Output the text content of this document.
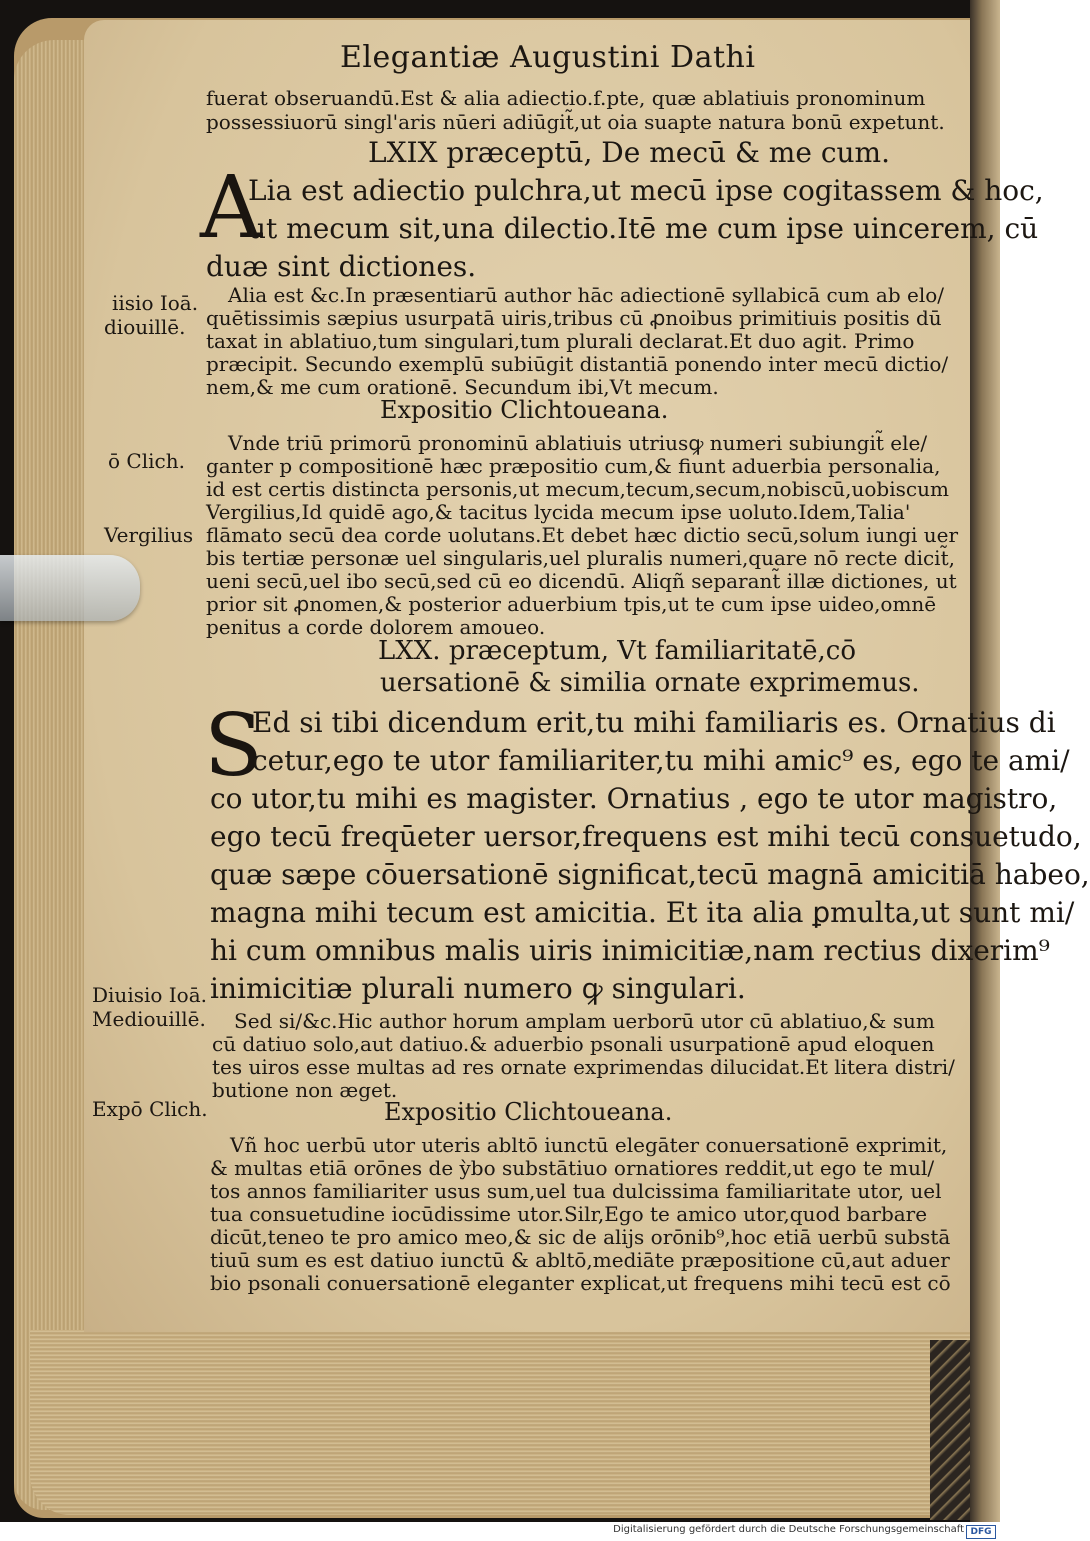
Elegantiæ Augustini Dathi
fuerat obseruandū.Est & alia adiectio.f.pte, quæ ablatiuis pronominum
possessiuorū singl'aris nūeri adiūgit̃,ut oia suapte natura bonū expetunt.
LXIX præceptū, De mecū & me cum.
A
Lia est adiectio pulchra,ut mecū ipse cogitassem & hoc,
ut mecum sit,una dilectio.Itē me cum ipse uincerem, cū
duæ sint dictiones.
Alia est &c.In præsentiarū author hāc adiectionē syllabicā cum ab elo/
quētissimis sæpius usurpatā uiris,tribus cū ꝓnoibus primitiuis positis dū
taxat in ablatiuo,tum singulari,tum plurali declarat.Et duo agit. Primo
præcipit. Secundo exemplū subiūgit distantiā ponendo inter mecū dictio/
nem,& me cum orationē. Secundum ibi,Vt mecum.
Expositio Clichtoueana.
Vnde triū primorū pronominū ablatiuis utriusꝙ numeri subiungit̃ ele/
ganter p compositionē hæc præpositio cum,& fiunt aduerbia personalia,
id est certis distincta personis,ut mecum,tecum,secum,nobiscū,uobiscum
Vergilius,Id quidē ago,& tacitus lycida mecum ipse uoluto.Idem,Talia'
flāmato secū dea corde uolutans.Et debet hæc dictio secū,solum iungi uer
bis tertiæ personæ uel singularis,uel pluralis numeri,quare nō recte dicit̃,
ueni secū,uel ibo secū,sed cū eo dicendū. Aliqñ separant̃ illæ dictiones, ut
prior sit ꝓnomen,& posterior aduerbium tpis,ut te cum ipse uideo,omnē
penitus a corde dolorem amoueo.
LXX. præceptum, Vt familiaritatē,cō
uersationē & similia ornate exprimemus.
S
Ed si tibi dicendum erit,tu mihi familiaris es. Ornatius di
cetur,ego te utor familiariter,tu mihi amic⁹ es, ego te ami/
co utor,tu mihi es magister. Ornatius , ego te utor magistro,
ego tecū freqūeter uersor,frequens est mihi tecū consuetudo,
quæ sæpe cōuersationē significat,tecū magnā amicitiā habeo,
magna mihi tecum est amicitia. Et ita alia ꝑmulta,ut sunt mi/
hi cum omnibus malis uiris inimicitiæ,nam rectius dixerim⁹
inimicitiæ plurali numero ꝙ singulari.
Sed si/&c.Hic author horum amplam uerborū utor cū ablatiuo,& sum
cū datiuo solo,aut datiuo.& aduerbio psonali usurpationē apud eloquen
tes uiros esse multas ad res ornate exprimendas dilucidat.Et litera distri/
butione non æget.
Expositio Clichtoueana.
Vñ hoc uerbū utor uteris abltō iunctū elegāter conuersationē exprimit,
& multas etiā orōnes de ỳbo substātiuo ornatiores reddit,ut ego te mul/
tos annos familiariter usus sum,uel tua dulcissima familiaritate utor, uel
tua consuetudine iocūdissime utor.Silr,Ego te amico utor,quod barbare
dicūt,teneo te pro amico meo,& sic de alijs orōnib⁹,hoc etiā uerbū substā
tiuū sum es est datiuo iunctū & abltō,mediāte præpositione cū,aut aduer
bio psonali conuersationē eleganter explicat,ut frequens mihi tecū est cō
iisio Ioā.
diouillē.
ō Clich.
Vergilius
Diuisio Ioā.
Mediouillē.
Expō Clich.
Digitalisierung gefördert durch die Deutsche Forschungsgemeinschaft DFG
